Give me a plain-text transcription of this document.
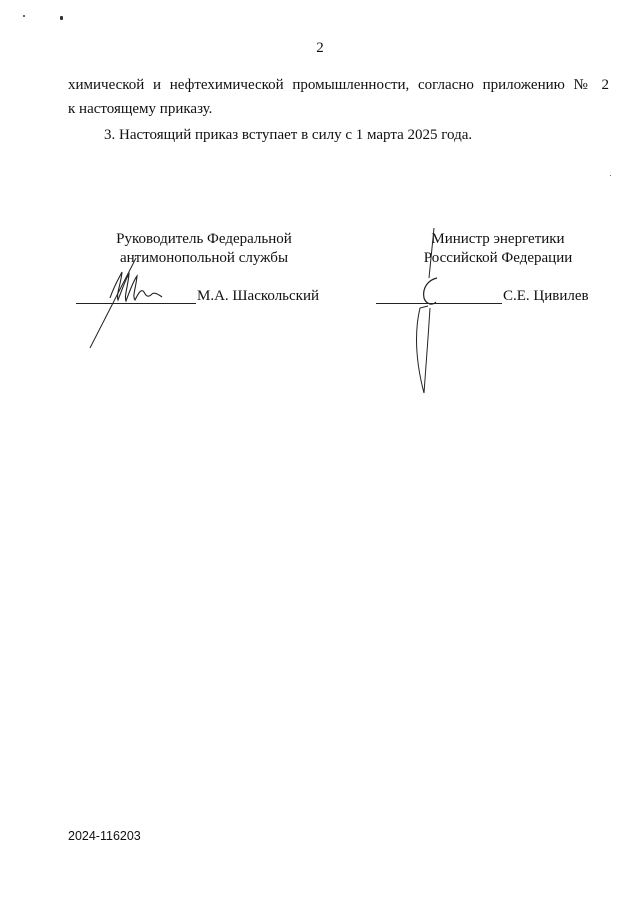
2
химической и нефтехимической промышленности, согласно приложению № 2
к настоящему приказу.
3. Настоящий приказ вступает в силу с 1 марта 2025 года.
Руководитель Федеральной
антимонопольной службы
М.А. Шаскольский
Министр энергетики
Российской Федерации
С.Е. Цивилев
2024-116203
